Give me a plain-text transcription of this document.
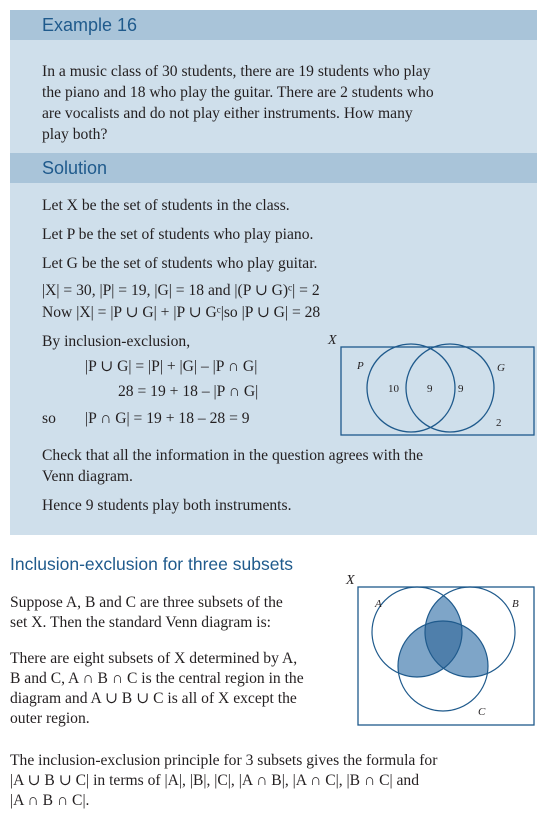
Example 16
In a music class of 30 students, there are 19 students who play
the piano and 18 who play the guitar. There are 2 students who
are vocalists and do not play either instruments. How many
play both?
Solution
Let X be the set of students in the class.
Let P be the set of students who play piano.
Let G be the set of students who play guitar.
|X| = 30, |P| = 19, |G| = 18 and |(P ∪ G)ᶜ| = 2
Now |X| = |P ∪ G| + |P ∪ Gᶜ|so |P ∪ G| = 28
By inclusion-exclusion,
|P ∪ G| = |P| + |G| – |P ∩ G|
28 = 19 + 18 – |P ∩ G|
so |P ∩ G| = 19 + 18 – 28 = 9
X
P	G
10	9 9
2
Check that all the information in the question agrees with the
Venn diagram.
Hence 9 students play both instruments.
Inclusion-exclusion for three subsets
Suppose A, B and C are three subsets of the
set X. Then the standard Venn diagram is:
There are eight subsets of X determined by A,
B and C, A ∩ B ∩ C is the central region in the
diagram and A ∪ B ∪ C is all of X except the
outer region.
X
A	B
C
The inclusion-exclusion principle for 3 subsets gives the formula for
|A ∪ B ∪ C| in terms of |A|, |B|, |C|, |A ∩ B|, |A ∩ C|, |B ∩ C| and
|A ∩ B ∩ C|.
